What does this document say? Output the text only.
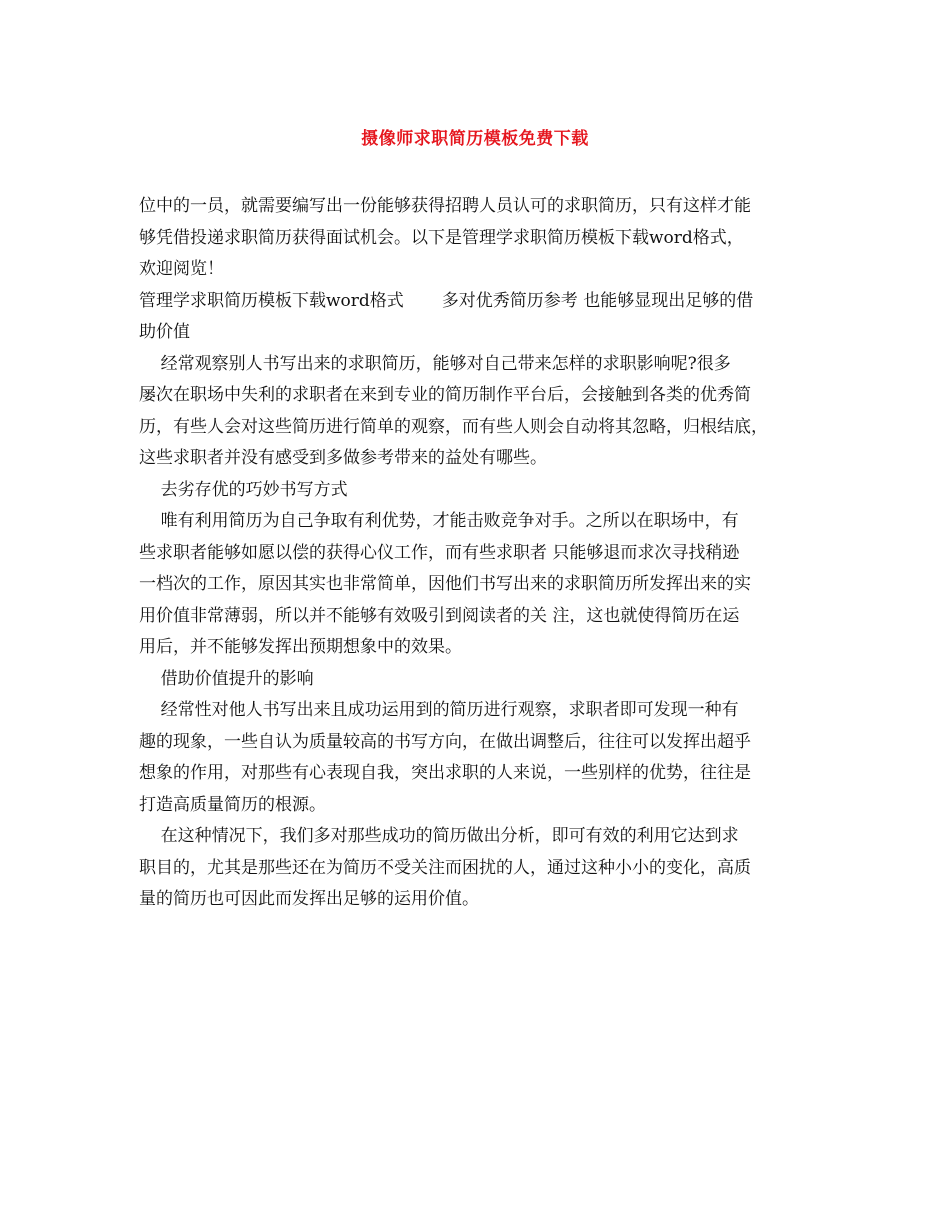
摄像师求职简历模板免费下载
位中的一员，就需要编写出一份能够获得招聘人员认可的求职简历，只有这样才能
够凭借投递求职简历获得面试机会。以下是管理学求职简历模板下载word格式，
欢迎阅览！
管理学求职简历模板下载word格式 多对优秀简历参考 也能够显现出足够的借
助价值
经常观察别人书写出来的求职简历，能够对自己带来怎样的求职影响呢?很多
屡次在职场中失利的求职者在来到专业的简历制作平台后，会接触到各类的优秀简
历，有些人会对这些简历进行简单的观察，而有些人则会自动将其忽略，归根结底，
这些求职者并没有感受到多做参考带来的益处有哪些。
去劣存优的巧妙书写方式
唯有利用简历为自己争取有利优势，才能击败竞争对手。之所以在职场中，有
些求职者能够如愿以偿的获得心仪工作，而有些求职者 只能够退而求次寻找稍逊
一档次的工作，原因其实也非常简单，因他们书写出来的求职简历所发挥出来的实
用价值非常薄弱，所以并不能够有效吸引到阅读者的关 注，这也就使得简历在运
用后，并不能够发挥出预期想象中的效果。
借助价值提升的影响
经常性对他人书写出来且成功运用到的简历进行观察，求职者即可发现一种有
趣的现象，一些自认为质量较高的书写方向，在做出调整后，往往可以发挥出超乎
想象的作用，对那些有心表现自我，突出求职的人来说，一些别样的优势，往往是
打造高质量简历的根源。
在这种情况下，我们多对那些成功的简历做出分析，即可有效的利用它达到求
职目的，尤其是那些还在为简历不受关注而困扰的人，通过这种小小的变化，高质
量的简历也可因此而发挥出足够的运用价值。
